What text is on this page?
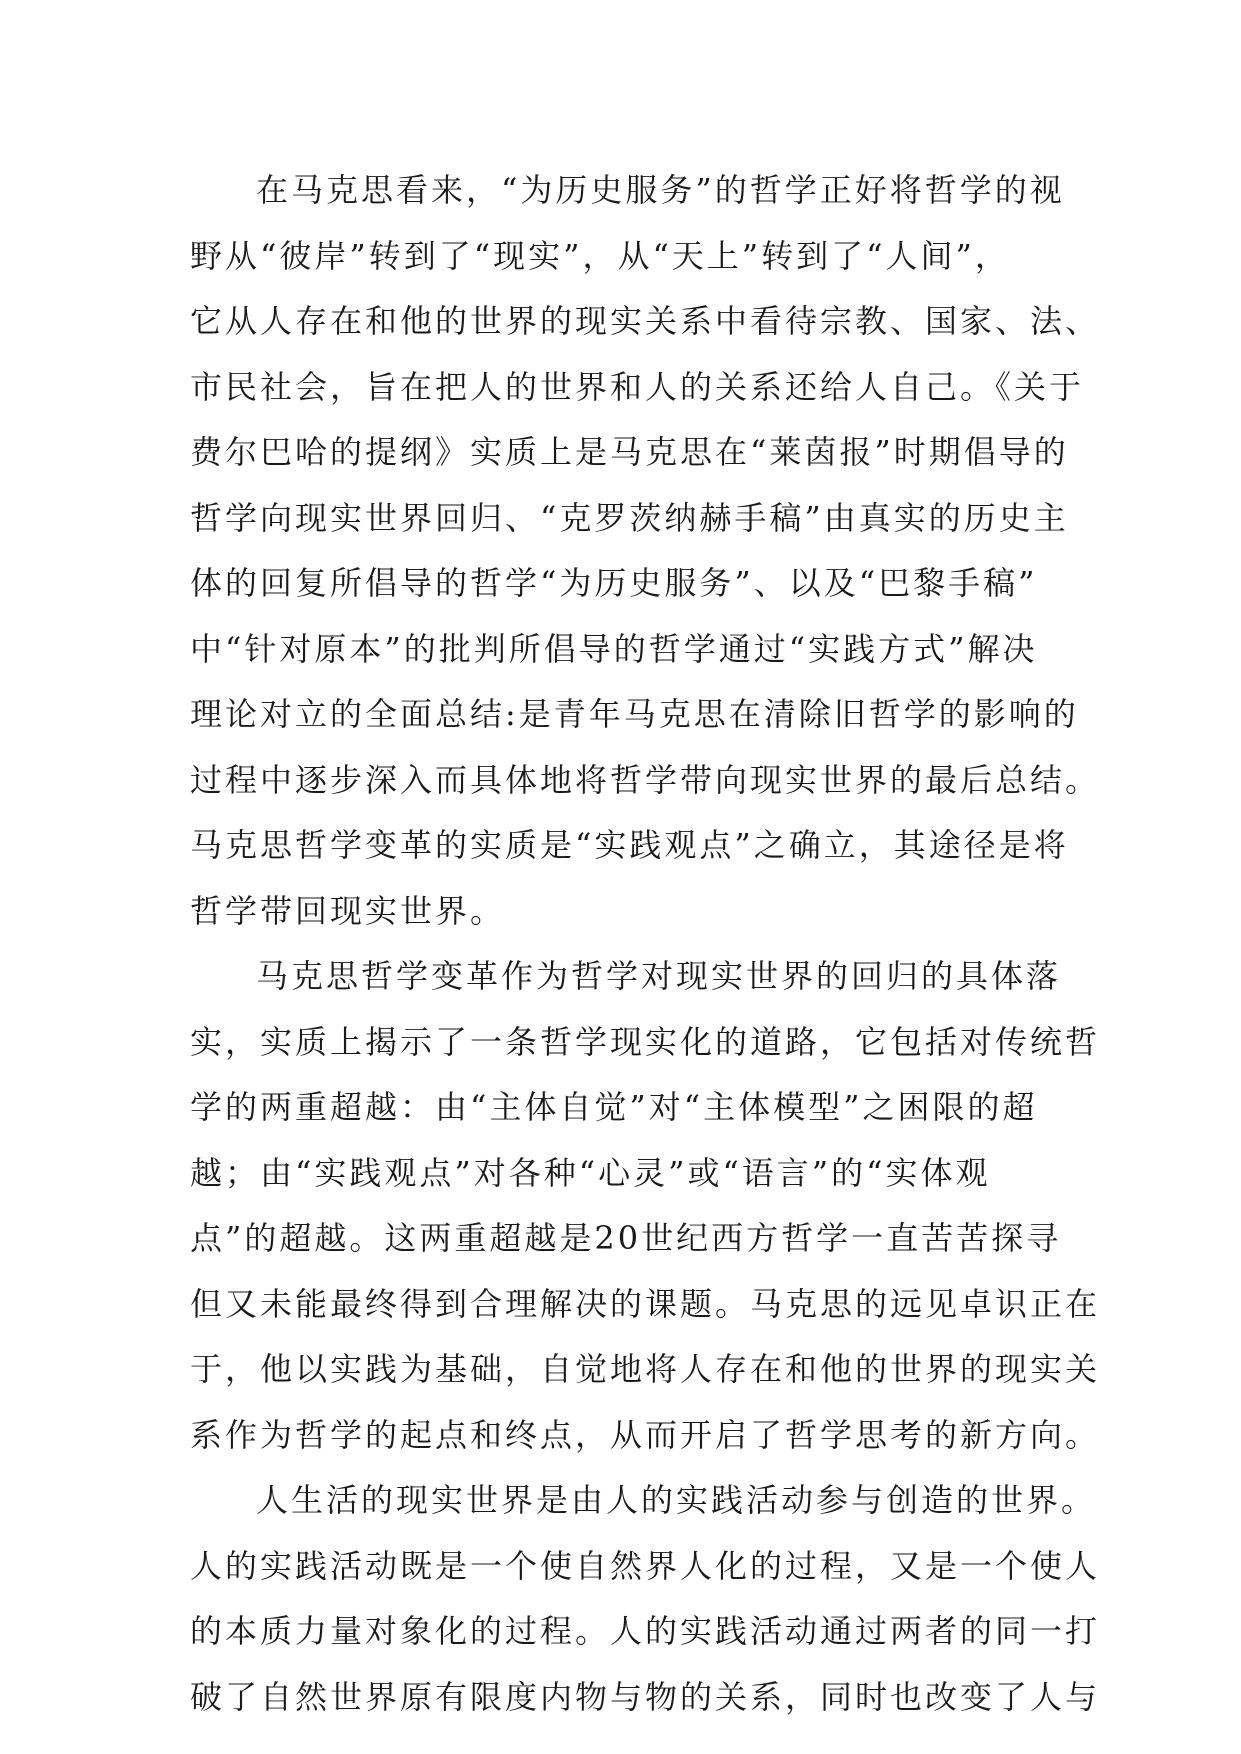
在马克思看来，“为历史服务”的哲学正好将哲学的视
野从“彼岸”转到了“现实”，从“天上”转到了“人间”，
它从人存在和他的世界的现实关系中看待宗教、国家、法、
市民社会，旨在把人的世界和人的关系还给人自己。《关于
费尔巴哈的提纲》实质上是马克思在“莱茵报”时期倡导的
哲学向现实世界回归、“克罗茨纳赫手稿”由真实的历史主
体的回复所倡导的哲学“为历史服务”、以及“巴黎手稿”
中“针对原本”的批判所倡导的哲学通过“实践方式”解决
理论对立的全面总结:是青年马克思在清除旧哲学的影响的
过程中逐步深入而具体地将哲学带向现实世界的最后总结。
马克思哲学变革的实质是“实践观点”之确立，其途径是将
哲学带回现实世界。
马克思哲学变革作为哲学对现实世界的回归的具体落
实，实质上揭示了一条哲学现实化的道路，它包括对传统哲
学的两重超越：由“主体自觉”对“主体模型”之困限的超
越；由“实践观点”对各种“心灵”或“语言”的“实体观
点”的超越。这两重超越是20世纪西方哲学一直苦苦探寻
但又未能最终得到合理解决的课题。马克思的远见卓识正在
于，他以实践为基础，自觉地将人存在和他的世界的现实关
系作为哲学的起点和终点，从而开启了哲学思考的新方向。
人生活的现实世界是由人的实践活动参与创造的世界。
人的实践活动既是一个使自然界人化的过程，又是一个使人
的本质力量对象化的过程。人的实践活动通过两者的同一打
破了自然世界原有限度内物与物的关系，同时也改变了人与
